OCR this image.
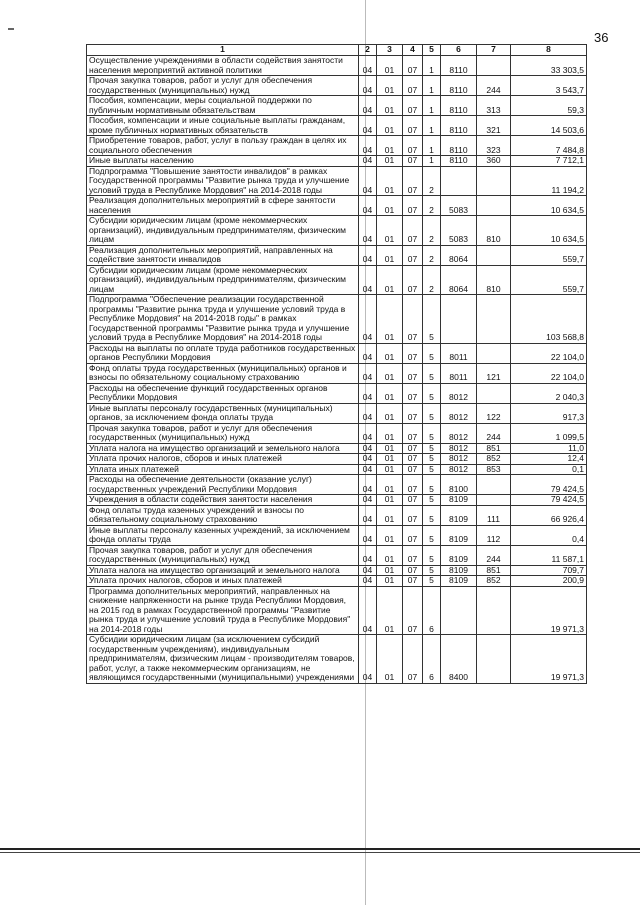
36
1	2	3	4	5	6	7	8
Осуществление учреждениями в области содействия занятости населения мероприятий активной политики	04	01	07	1	8110		33 303,5
Прочая закупка товаров, работ и услуг для обеспечения государственных (муниципальных) нужд	04	01	07	1	8110	244	3 543,7
Пособия, компенсации, меры социальной поддержки по публичным нормативным обязательствам	04	01	07	1	8110	313	59,3
Пособия, компенсации и иные социальные выплаты гражданам, кроме публичных нормативных обязательств	04	01	07	1	8110	321	14 503,6
Приобретение товаров, работ, услуг в пользу граждан в целях их социального обеспечения	04	01	07	1	8110	323	7 484,8
Иные выплаты населению	04	01	07	1	8110	360	7 712,1
Подпрограмма "Повышение занятости инвалидов" в рамках Государственной программы "Развитие рынка труда и улучшение условий труда в Республике Мордовия" на 2014-2018 годы	04	01	07	2			11 194,2
Реализация дополнительных мероприятий в сфере занятости населения	04	01	07	2	5083		10 634,5
Субсидии юридическим лицам (кроме некоммерческих организаций), индивидуальным предпринимателям, физическим лицам	04	01	07	2	5083	810	10 634,5
Реализация дополнительных мероприятий, направленных на содействие занятости инвалидов	04	01	07	2	8064		559,7
Субсидии юридическим лицам (кроме некоммерческих организаций), индивидуальным предпринимателям, физическим лицам	04	01	07	2	8064	810	559,7
Подпрограмма "Обеспечение реализации государственной программы "Развитие рынка труда и улучшение условий труда в Республике Мордовия" на 2014-2018 годы" в рамках Государственной программы "Развитие рынка труда и улучшение условий труда в Республике Мордовия" на 2014-2018 годы	04	01	07	5			103 568,8
Расходы на выплаты по оплате труда работников государственных органов Республики Мордовия	04	01	07	5	8011		22 104,0
Фонд оплаты труда государственных (муниципальных) органов и взносы по обязательному социальному страхованию	04	01	07	5	8011	121	22 104,0
Расходы на обеспечение функций государственных органов Республики Мордовия	04	01	07	5	8012		2 040,3
Иные выплаты персоналу государственных (муниципальных) органов, за исключением фонда оплаты труда	04	01	07	5	8012	122	917,3
Прочая закупка товаров, работ и услуг для обеспечения государственных (муниципальных) нужд	04	01	07	5	8012	244	1 099,5
Уплата налога на имущество организаций и земельного налога	04	01	07	5	8012	851	11,0
Уплата прочих налогов, сборов и иных платежей	04	01	07	5	8012	852	12,4
Уплата иных платежей	04	01	07	5	8012	853	0,1
Расходы на обеспечение деятельности (оказание услуг) государственных учреждений Республики Мордовия	04	01	07	5	8100		79 424,5
Учреждения в области содействия занятости населения	04	01	07	5	8109		79 424,5
Фонд оплаты труда казенных учреждений и взносы по обязательному социальному страхованию	04	01	07	5	8109	111	66 926,4
Иные выплаты персоналу казенных учреждений, за исключением фонда оплаты труда	04	01	07	5	8109	112	0,4
Прочая закупка товаров, работ и услуг для обеспечения государственных (муниципальных) нужд	04	01	07	5	8109	244	11 587,1
Уплата налога на имущество организаций и земельного налога	04	01	07	5	8109	851	709,7
Уплата прочих налогов, сборов и иных платежей	04	01	07	5	8109	852	200,9
Программа дополнительных мероприятий, направленных на снижение напряженности на рынке труда Республики Мордовия, на 2015 год в рамках Государственной программы "Развитие рынка труда и улучшение условий труда в Республике Мордовия" на 2014-2018 годы	04	01	07	6			19 971,3
Субсидии юридическим лицам (за исключением субсидий государственным учреждениям), индивидуальным предпринимателям, физическим лицам - производителям товаров, работ, услуг, а также некоммерческим организациям, не являющимся государственными (муниципальными) учреждениями	04	01	07	6	8400		19 971,3
